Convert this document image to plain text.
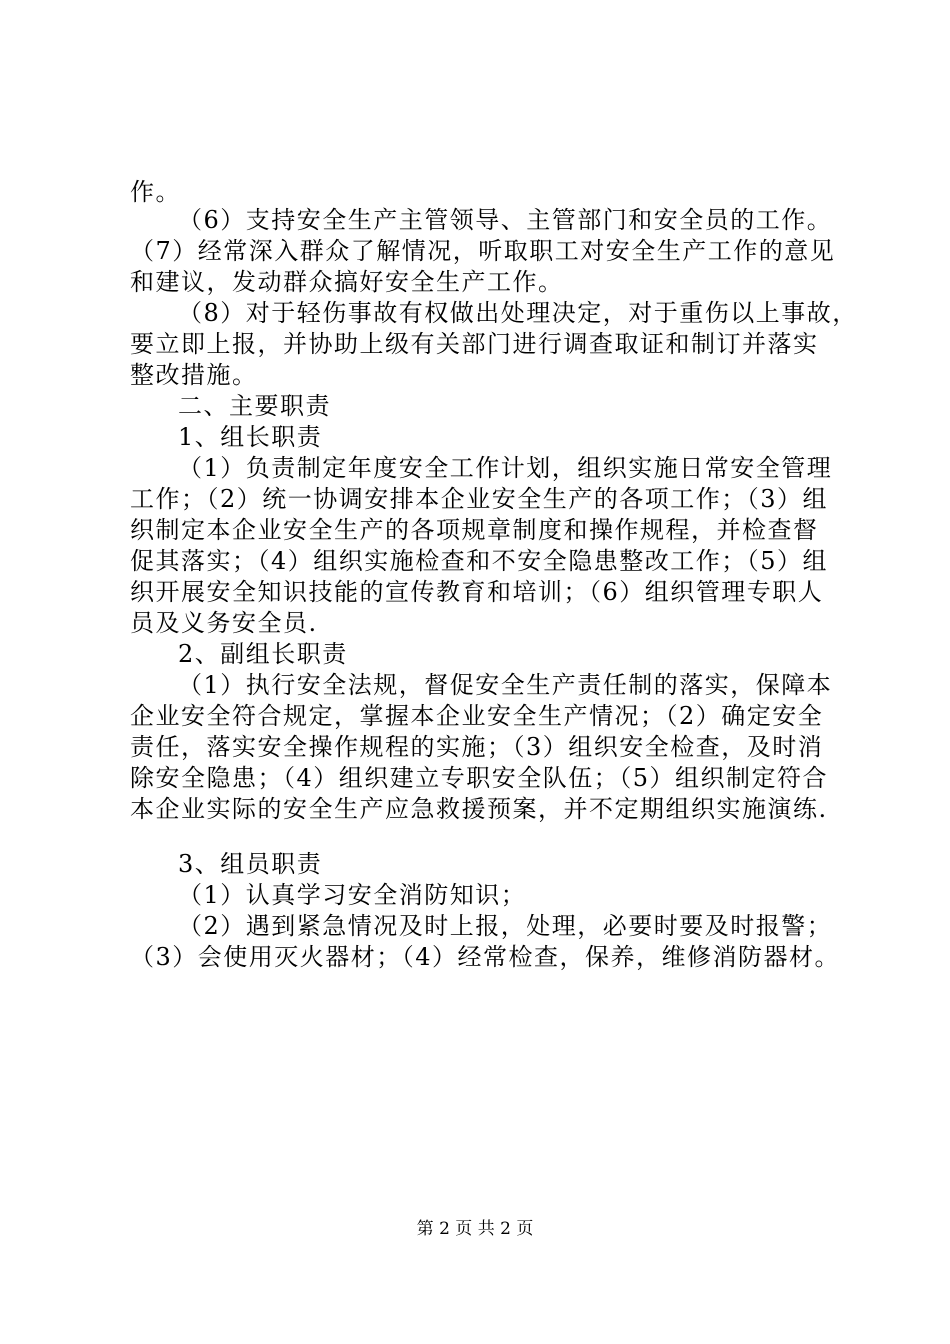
作。
（6）支持安全生产主管领导、主管部门和安全员的工作。
（7）经常深入群众了解情况，听取职工对安全生产工作的意见
和建议，发动群众搞好安全生产工作。
（8）对于轻伤事故有权做出处理决定，对于重伤以上事故，
要立即上报，并协助上级有关部门进行调查取证和制订并落实
整改措施。
二、主要职责
1、组长职责
（1）负责制定年度安全工作计划，组织实施日常安全管理
工作；（2）统一协调安排本企业安全生产的各项工作；（3）组
织制定本企业安全生产的各项规章制度和操作规程，并检查督
促其落实；（4）组织实施检查和不安全隐患整改工作；（5）组
织开展安全知识技能的宣传教育和培训；（6）组织管理专职人
员及义务安全员.
2、副组长职责
（1）执行安全法规，督促安全生产责任制的落实，保障本
企业安全符合规定，掌握本企业安全生产情况；（2）确定安全
责任，落实安全操作规程的实施；（3）组织安全检查，及时消
除安全隐患；（4）组织建立专职安全队伍；（5）组织制定符合
本企业实际的安全生产应急救援预案，并不定期组织实施演练.
3、组员职责
（1）认真学习安全消防知识；
（2）遇到紧急情况及时上报，处理，必要时要及时报警；
（3）会使用灭火器材；（4）经常检查，保养，维修消防器材。
第 2 页 共 2 页
